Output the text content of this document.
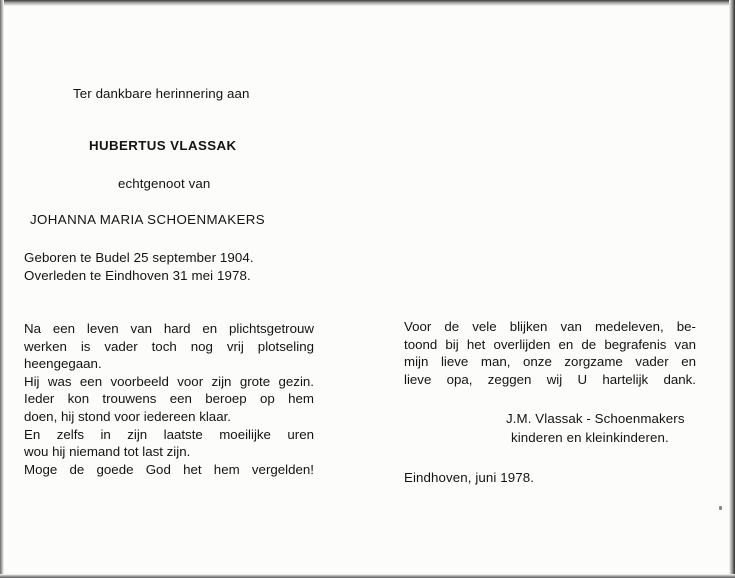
Ter dankbare herinnering aan
HUBERTUS VLASSAK
echtgenoot van
JOHANNA MARIA SCHOENMAKERS
Geboren te Budel 25 september 1904.
Overleden te Eindhoven 31 mei 1978.
Na een leven van hard en plichtsgetrouw
werken is vader toch nog vrij plotseling
heengegaan.
Hij was een voorbeeld voor zijn grote gezin.
Ieder kon trouwens een beroep op hem
doen, hij stond voor iedereen klaar.
En zelfs in zijn laatste moeilijke uren
wou hij niemand tot last zijn.
Moge de goede God het hem vergelden!
Voor de vele blijken van medeleven, be-
toond bij het overlijden en de begrafenis van
mijn lieve man, onze zorgzame vader en
lieve opa, zeggen wij U hartelijk dank.
J.M. Vlassak - Schoenmakers
kinderen en kleinkinderen.
Eindhoven, juni 1978.
